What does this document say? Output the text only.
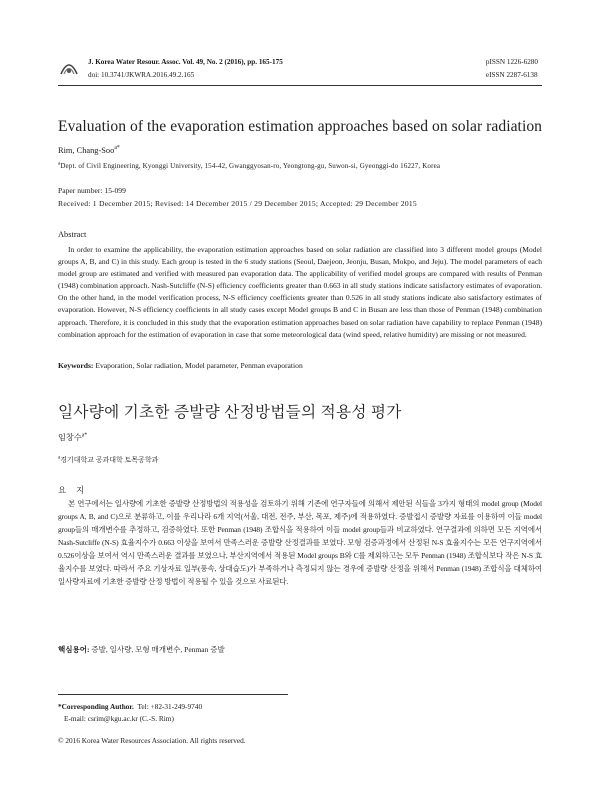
J. Korea Water Resour. Assoc. Vol. 49, No. 2 (2016), pp. 165-175
doi: 10.3741/JKWRA.2016.49.2.165
pISSN 1226-6280
eISSN 2287-6138
Evaluation of the evaporation estimation approaches based on solar radiation
Rim, Chang-Soo$^{a*}$
$^a$Dept. of Civil Engineering, Kyonggi University, 154-42, Gwanggyosan-ro, Yeongtong-gu, Suwon-si, Gyeonggi-do 16227, Korea
Paper number: 15-099
Received: 1 December 2015; Revised: 14 December 2015 / 29 December 2015; Accepted: 29 December 2015
Abstract
In order to examine the applicability, the evaporation estimation approaches based on solar radiation are classified into 3 different model groups (Model groups A, B, and C) in this study. Each group is tested in the 6 study stations (Seoul, Daejeon, Jeonju, Busan, Mokpo, and Jeju). The model parameters of each model group are estimated and verified with measured pan evaporation data. The applicability of verified model groups are compared with results of Penman (1948) combination approach. Nash-Sutcliffe (N-S) efficiency coefficients greater than 0.663 in all study stations indicate satisfactory estimates of evaporation. On the other hand, in the model verification process, N-S efficiency coefficients greater than 0.526 in all study stations indicate also satisfactory estimates of evaporation. However, N-S efficiency coefficients in all study cases except Model groups B and C in Busan are less than those of Penman (1948) combination approach. Therefore, it is concluded in this study that the evaporation estimation approaches based on solar radiation have capability to replace Penman (1948) combination approach for the estimation of evaporation in case that some meteorological data (wind speed, relative humidity) are missing or not measured.
Keywords: Evaporation, Solar radiation, Model parameter, Penman evaporation
일사량에 기초한 증발량 산정방법들의 적용성 평가
임창수$^{a*}$
$^a$경기대학교 공과대학 토목공학과
요 지
본 연구에서는 일사량에 기초한 증발량 산정방법의 적용성을 검토하기 위해 기존에 연구자들에 의해서 제안된 식들을 3가지 형태의 model group (Model groups A, B, and C)으로 분류하고, 이를 우리나라 6개 지역(서울, 대전, 전주, 부산, 목포, 제주)에 적용하였다. 증발접시 증발량 자료를 이용하여 이들 model group들의 매개변수를 추정하고, 검증하였다. 또한 Penman (1948) 조합식을 적용하여 이들 model group들과 비교하였다. 연구결과에 의하면 모든 지역에서 Nash-Sutcliffe (N-S) 효율지수가 0.663 이상을 보여서 만족스러운 증발량 산정결과를 보였다. 모형 검증과정에서 산정된 N-S 효율지수는 모든 연구지역에서 0.526이상을 보여서 역시 만족스러운 결과를 보였으나, 부산지역에서 적용된 Model groups B와 C를 제외하고는 모두 Penman (1948) 조합식보다 작은 N-S 효율지수를 보였다. 따라서 주요 기상자료 일부(풍속, 상대습도)가 부족하거나 측정되지 않는 경우에 증발량 산정을 위해서 Penman (1948) 조합식을 대체하여 일사량자료에 기초한 증발량 산정 방법이 적용될 수 있을 것으로 사료된다.
핵심용어: 증발, 일사량, 모형 매개변수, Penman 증발
*Corresponding Author. Tel: +82-31-249-9740
E-mail: csrim@kgu.ac.kr (C.-S. Rim)
© 2016 Korea Water Resources Association. All rights reserved.
